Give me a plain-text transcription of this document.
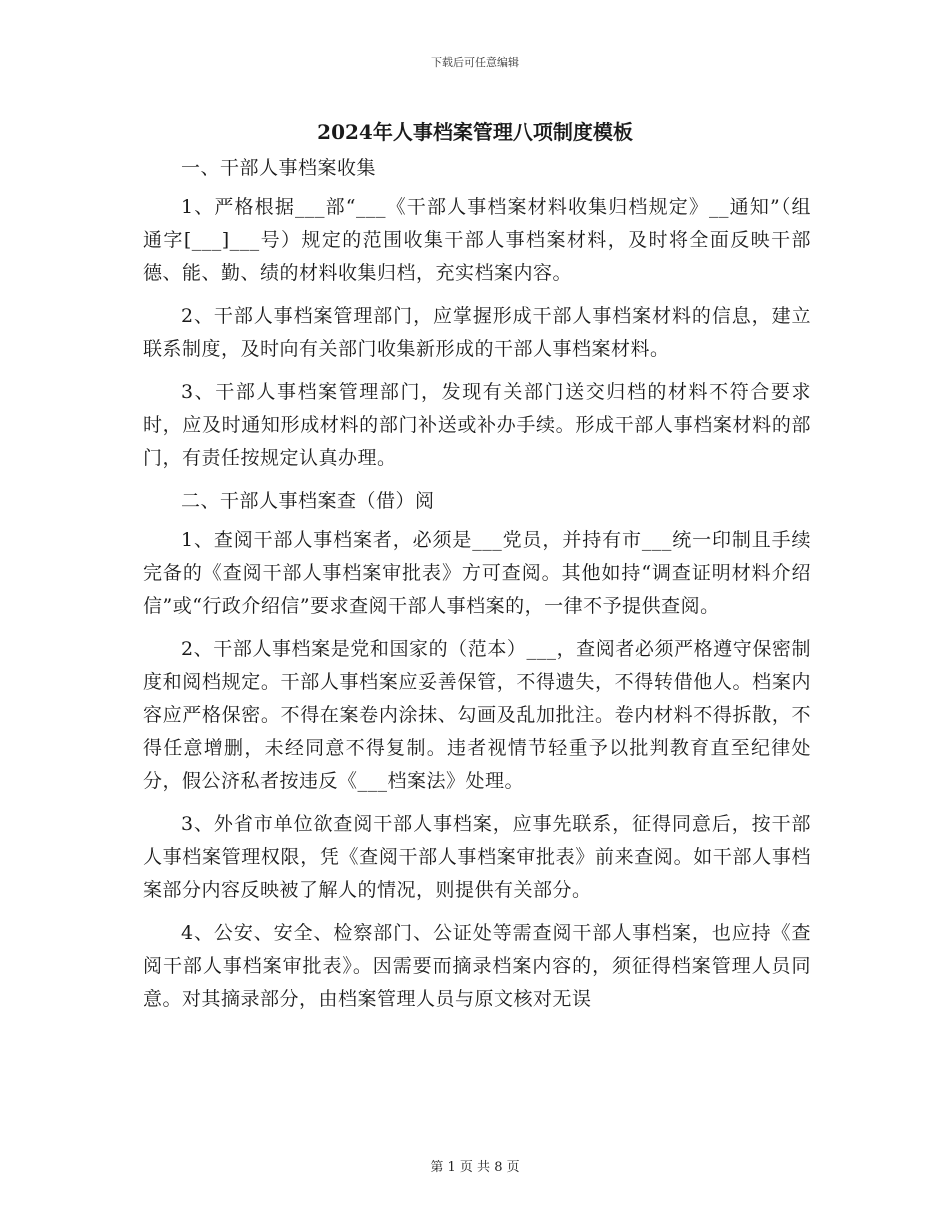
下载后可任意编辑
2024年人事档案管理八项制度模板

一、干部人事档案收集

1、严格根据___部“___《干部人事档案材料收集归档规定》__通知”（组通字[___]___号）规定的范围收集干部人事档案材料，及时将全面反映干部德、能、勤、绩的材料收集归档，充实档案内容。

2、干部人事档案管理部门，应掌握形成干部人事档案材料的信息，建立联系制度，及时向有关部门收集新形成的干部人事档案材料。

3、干部人事档案管理部门，发现有关部门送交归档的材料不符合要求时，应及时通知形成材料的部门补送或补办手续。形成干部人事档案材料的部门，有责任按规定认真办理。

二、干部人事档案查（借）阅

1、查阅干部人事档案者，必须是___党员，并持有市___统一印制且手续完备的《查阅干部人事档案审批表》方可查阅。其他如持“调查证明材料介绍信”或“行政介绍信”要求查阅干部人事档案的，一律不予提供查阅。

2、干部人事档案是党和国家的（范本）___，查阅者必须严格遵守保密制度和阅档规定。干部人事档案应妥善保管，不得遗失，不得转借他人。档案内容应严格保密。不得在案卷内涂抹、勾画及乱加批注。卷内材料不得拆散，不得任意增删，未经同意不得复制。违者视情节轻重予以批判教育直至纪律处分，假公济私者按违反《___档案法》处理。

3、外省市单位欲查阅干部人事档案，应事先联系，征得同意后，按干部人事档案管理权限，凭《查阅干部人事档案审批表》前来查阅。如干部人事档案部分内容反映被了解人的情况，则提供有关部分。

4、公安、安全、检察部门、公证处等需查阅干部人事档案，也应持《查阅干部人事档案审批表》。因需要而摘录档案内容的，须征得档案管理人员同意。对其摘录部分，由档案管理人员与原文核对无误

第 1 页 共 8 页
